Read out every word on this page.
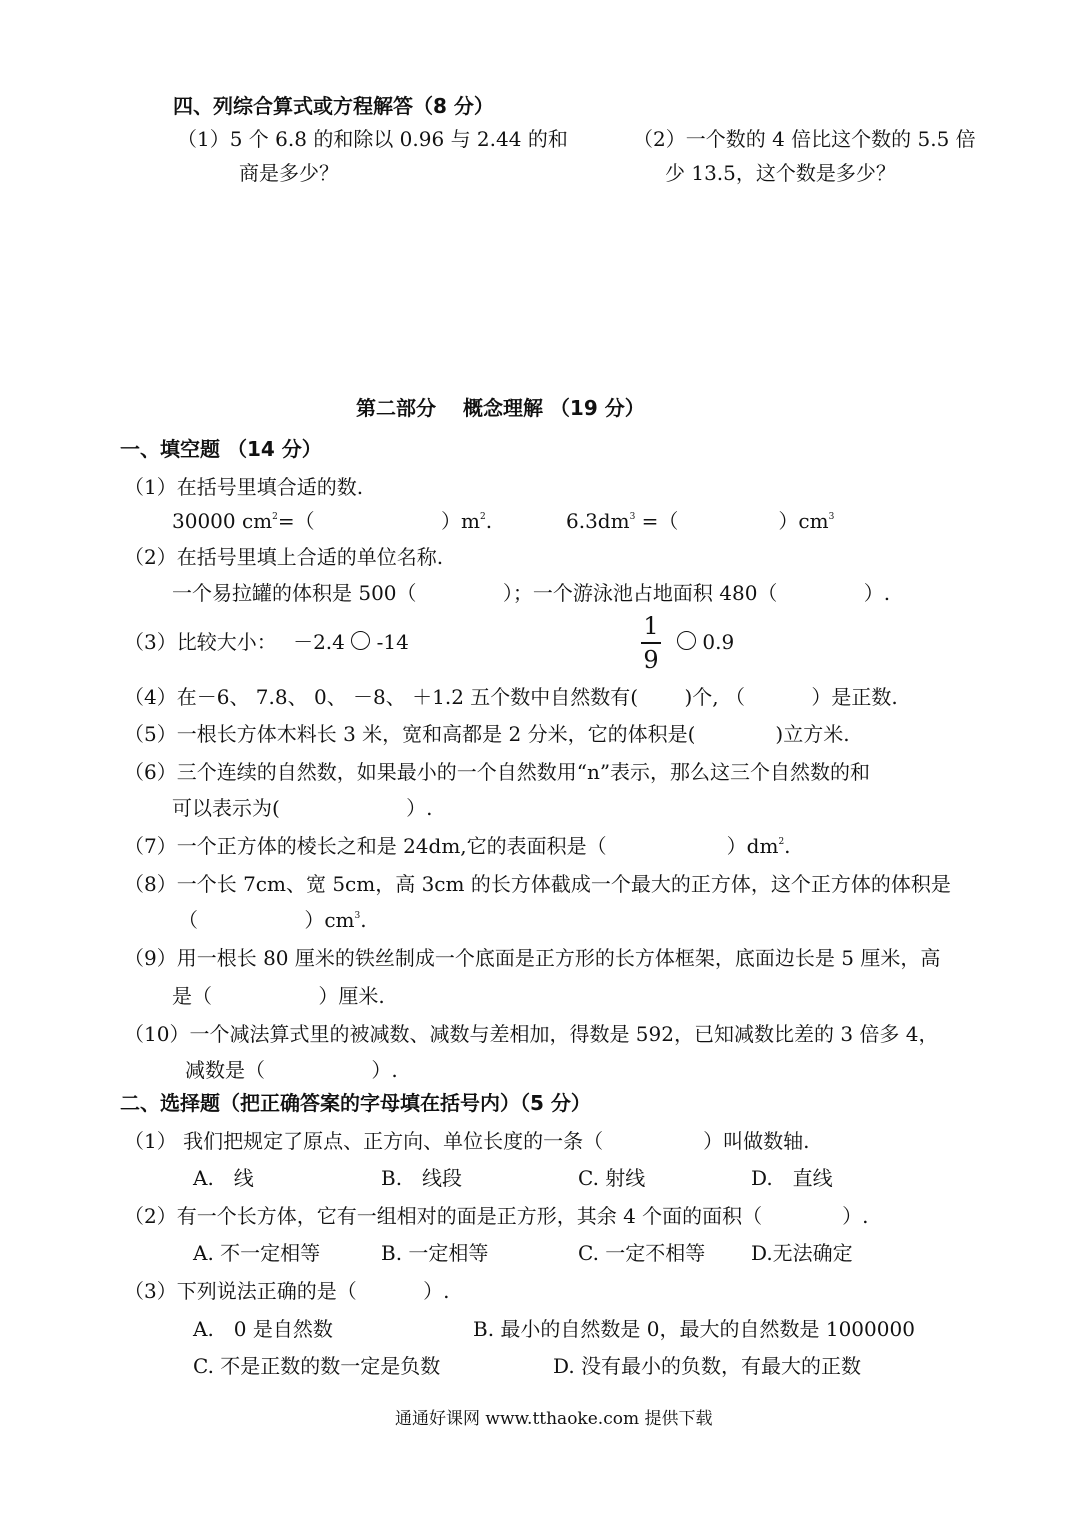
四、列综合算式或方程解答（8 分）
（1）5 个 6.8 的和除以 0.96 与 2.44 的和
商是多少？
（2）一个数的 4 倍比这个数的 5.5 倍
少 13.5，这个数是多少？
第二部分　 概念理解 （19 分）
一、填空题 （14 分）
（1）在括号里填合适的数.
30000 $cm^2=$（　　　　　　 ）$m^2$.	$6.3dm^3$ =（　　　　　）$cm^3$
（2）在括号里填上合适的单位名称.
一个易拉罐的体积是 500（　　　　 ）；一个游泳池占地面积 480（　　　　 ）.
（3）比较大小：　 －2.4  -14
1
9
0.9
（4）在－6、 7.8、 0、 －8、 ＋1.2 五个数中自然数有(　　 )个, （　　　 ）是正数.
（5）一根长方体木料长 3 米，宽和高都是 2 分米，它的体积是(　　　　)立方米.
（6）三个连续的自然数，如果最小的一个自然数用“n”表示，那么这三个自然数的和
可以表示为(　　　　　　 ）.
（7）一个正方体的棱长之和是 24dm,它的表面积是（　　　　　　）$dm^2$.
（8）一个长 7cm、宽 5cm，高 3cm 的长方体截成一个最大的正方体，这个正方体的体积是
（　　　　　 ）$cm^3$.
（9）用一根长 80 厘米的铁丝制成一个底面是正方形的长方体框架，底面边长是 5 厘米，高
是（　　　　　 ）厘米.
（10）一个减法算式里的被减数、减数与差相加，得数是 592，已知减数比差的 3 倍多 4，
减数是（　　　　　 ）.
二、选择题（把正确答案的字母填在括号内）（5 分）
（1） 我们把规定了原点、正方向、单位长度的一条（　　　　　）叫做数轴.
A.　线	B.　线段	C. 射线	D.　直线
（2）有一个长方体，它有一组相对的面是正方形，其余 4 个面的面积（　　　　）.
A. 不一定相等	B. 一定相等	C. 一定不相等 D.无法确定
（3）下列说法正确的是（　　　 ）.
A.　0 是自然数	B. 最小的自然数是 0，最大的自然数是 1000000
C. 不是正数的数一定是负数	D. 没有最小的负数，有最大的正数
通通好课网 www.tthaoke.com 提供下载
